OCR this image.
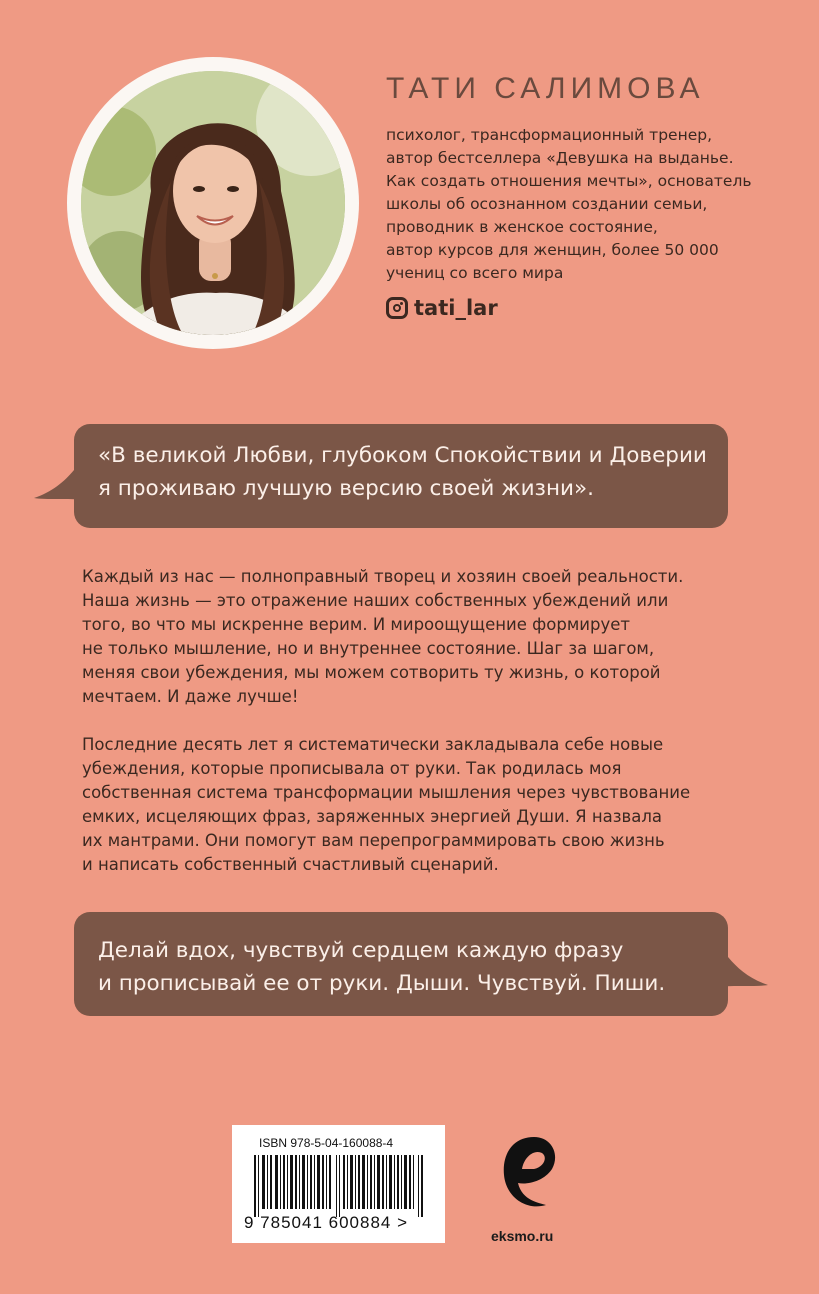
ТАТИ САЛИМОВА
психолог, трансформационный тренер,
автор бестселлера «Девушка на выданье.
Как создать отношения мечты», основатель
школы об осознанном создании семьи,
проводник в женское состояние,
автор курсов для женщин, более 50 000
учениц со всего мира
tati_lar
«В великой Любви, глубоком Спокойствии и Доверии
я проживаю лучшую версию своей жизни».
Каждый из нас — полноправный творец и хозяин своей реальности.
Наша жизнь — это отражение наших собственных убеждений или
того, во что мы искренне верим. И мироощущение формирует
не только мышление, но и внутреннее состояние. Шаг за шагом,
меняя свои убеждения, мы можем сотворить ту жизнь, о которой
мечтаем. И даже лучше!
Последние десять лет я систематически закладывала себе новые
убеждения, которые прописывала от руки. Так родилась моя
собственная система трансформации мышления через чувствование
емких, исцеляющих фраз, заряженных энергией Души. Я назвала
их мантрами. Они помогут вам перепрограммировать свою жизнь
и написать собственный счастливый сценарий.
Делай вдох, чувствуй сердцем каждую фразу
и прописывай ее от руки. Дыши. Чувствуй. Пиши.
ISBN 978-5-04-160088-4
9 785041 600884 >
eksmo.ru
